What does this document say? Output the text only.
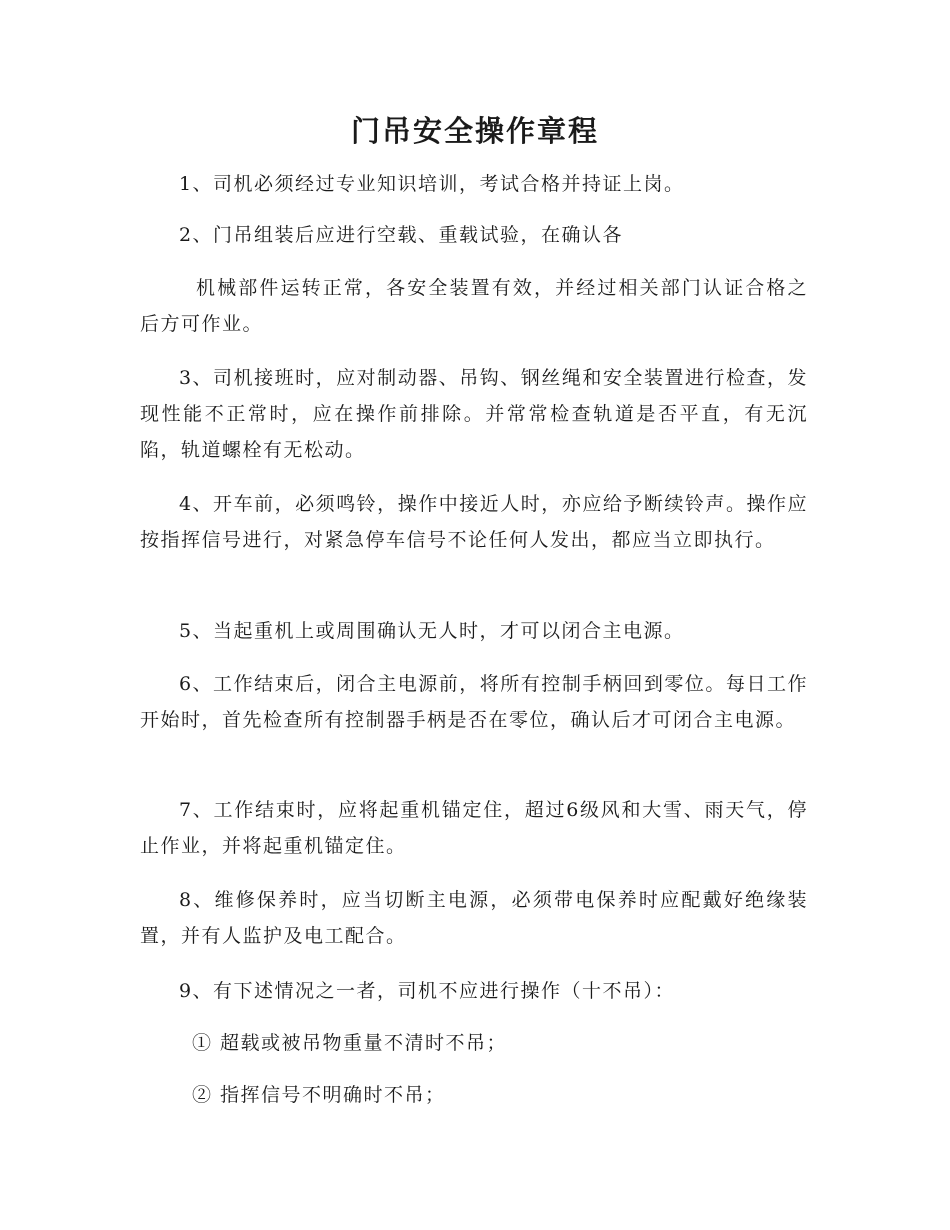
门吊安全操作章程

1、司机必须经过专业知识培训，考试合格并持证上岗。

2、门吊组装后应进行空载、重载试验，在确认各

机械部件运转正常，各安全装置有效，并经过相关部门认证合格之后方可作业。

3、司机接班时，应对制动器、吊钩、钢丝绳和安全装置进行检查，发现性能不正常时，应在操作前排除。并常常检查轨道是否平直，有无沉陷，轨道螺栓有无松动。

4、开车前，必须鸣铃，操作中接近人时，亦应给予断续铃声。操作应按指挥信号进行，对紧急停车信号不论任何人发出，都应当立即执行。

5、当起重机上或周围确认无人时，才可以闭合主电源。

6、工作结束后，闭合主电源前，将所有控制手柄回到零位。每日工作开始时，首先检查所有控制器手柄是否在零位，确认后才可闭合主电源。

7、工作结束时，应将起重机锚定住，超过6级风和大雪、雨天气，停止作业，并将起重机锚定住。

8、维修保养时，应当切断主电源，必须带电保养时应配戴好绝缘装置，并有人监护及电工配合。

9、有下述情况之一者，司机不应进行操作（十不吊）：

① 超载或被吊物重量不清时不吊；

② 指挥信号不明确时不吊；
